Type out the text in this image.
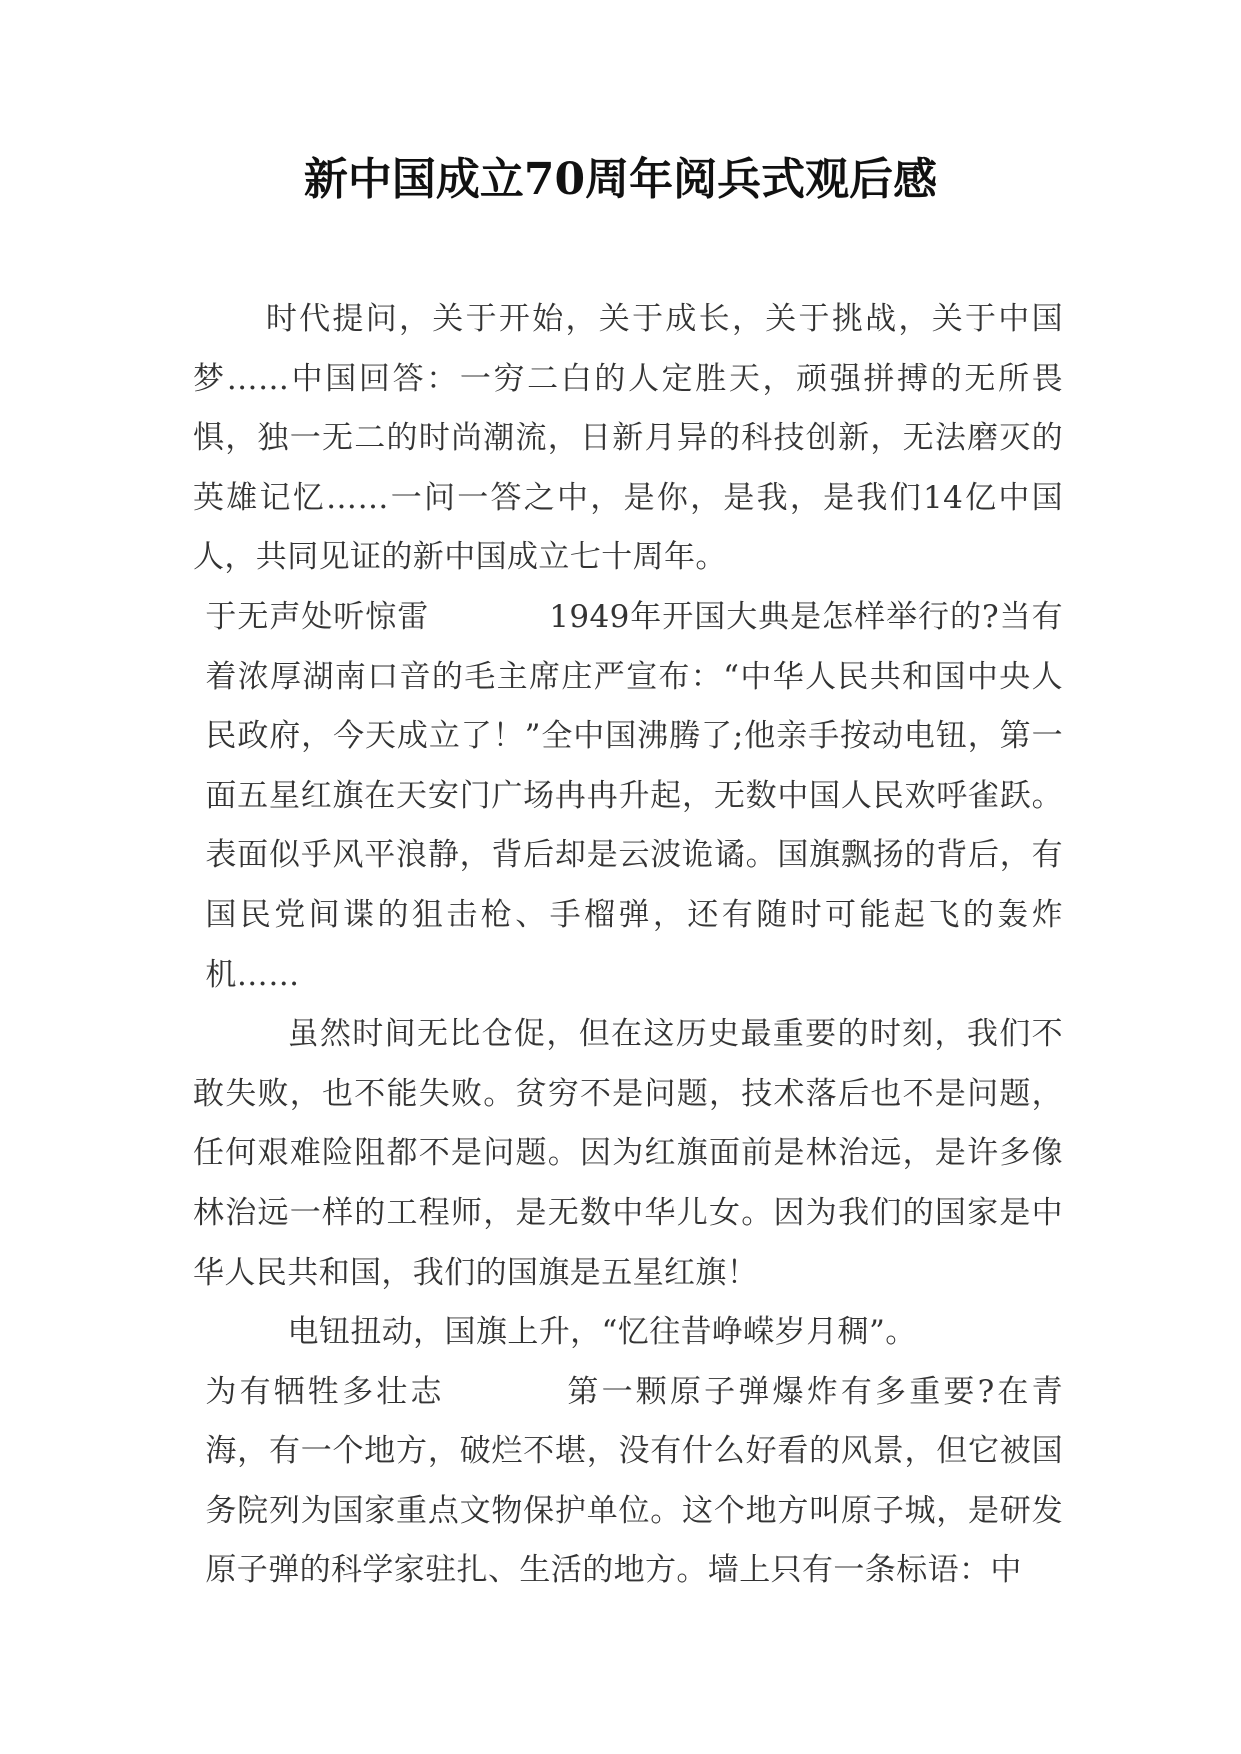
新中国成立70周年阅兵式观后感

时代提问，关于开始，关于成长，关于挑战，关于中国梦……中国回答：一穷二白的人定胜天，顽强拼搏的无所畏惧，独一无二的时尚潮流，日新月异的科技创新，无法磨灭的英雄记忆……一问一答之中，是你，是我，是我们14亿中国人，共同见证的新中国成立七十周年。

于无声处听惊雷	1949年开国大典是怎样举行的?当有着浓厚湖南口音的毛主席庄严宣布：“中华人民共和国中央人民政府，今天成立了！”全中国沸腾了;他亲手按动电钮，第一面五星红旗在天安门广场冉冉升起，无数中国人民欢呼雀跃。表面似乎风平浪静，背后却是云波诡谲。国旗飘扬的背后，有国民党间谍的狙击枪、手榴弹，还有随时可能起飞的轰炸机……

虽然时间无比仓促，但在这历史最重要的时刻，我们不敢失败，也不能失败。贫穷不是问题，技术落后也不是问题，任何艰难险阻都不是问题。因为红旗面前是林治远，是许多像林治远一样的工程师，是无数中华儿女。因为我们的国家是中华人民共和国，我们的国旗是五星红旗！

电钮扭动，国旗上升，“忆往昔峥嵘岁月稠”。

为有牺牲多壮志	第一颗原子弹爆炸有多重要?在青海，有一个地方，破烂不堪，没有什么好看的风景，但它被国务院列为国家重点文物保护单位。这个地方叫原子城，是研发原子弹的科学家驻扎、生活的地方。墙上只有一条标语：中
